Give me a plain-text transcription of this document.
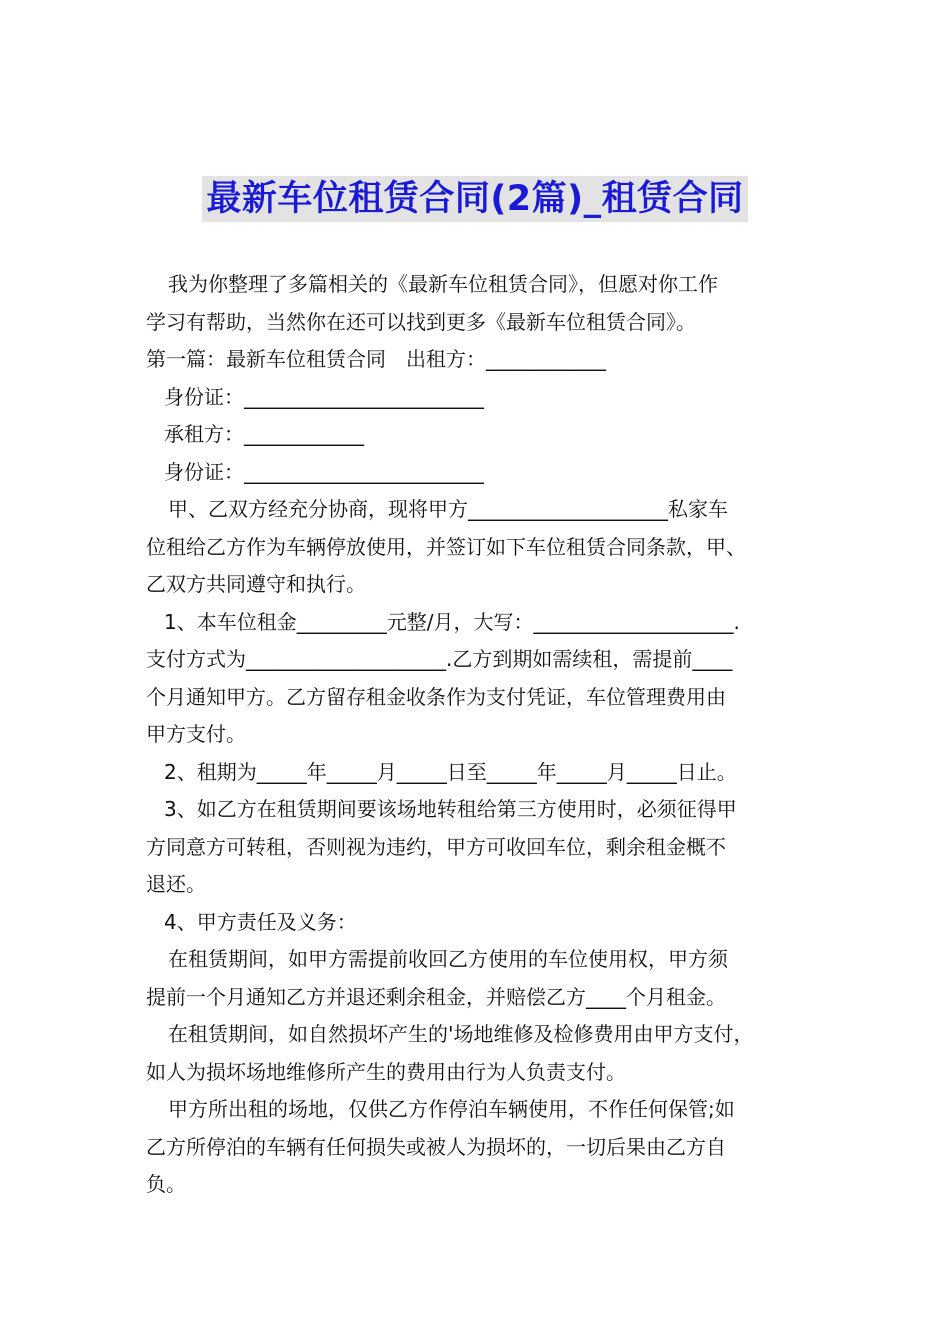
最新车位租赁合同(2篇)_租赁合同

我为你整理了多篇相关的《最新车位租赁合同》，但愿对你工作

学习有帮助，当然你在还可以找到更多《最新车位租赁合同》。

第一篇：最新车位租赁合同　出租方：____________

身份证：________________________

承租方：____________

身份证：________________________

甲、乙双方经充分协商，现将甲方____________________私家车

位租给乙方作为车辆停放使用，并签订如下车位租赁合同条款，甲、

乙双方共同遵守和执行。

1、本车位租金_________元整/月，大写：____________________.

支付方式为____________________.乙方到期如需续租，需提前____

个月通知甲方。乙方留存租金收条作为支付凭证，车位管理费用由

甲方支付。

2、租期为_____年_____月_____日至_____年_____月_____日止。

3、如乙方在租赁期间要该场地转租给第三方使用时，必须征得甲

方同意方可转租，否则视为违约，甲方可收回车位，剩余租金概不

退还。

4、甲方责任及义务：

在租赁期间，如甲方需提前收回乙方使用的车位使用权，甲方须

提前一个月通知乙方并退还剩余租金，并赔偿乙方____个月租金。

在租赁期间，如自然损坏产生的'场地维修及检修费用由甲方支付，

如人为损坏场地维修所产生的费用由行为人负责支付。

甲方所出租的场地，仅供乙方作停泊车辆使用，不作任何保管;如

乙方所停泊的车辆有任何损失或被人为损坏的，一切后果由乙方自

负。
